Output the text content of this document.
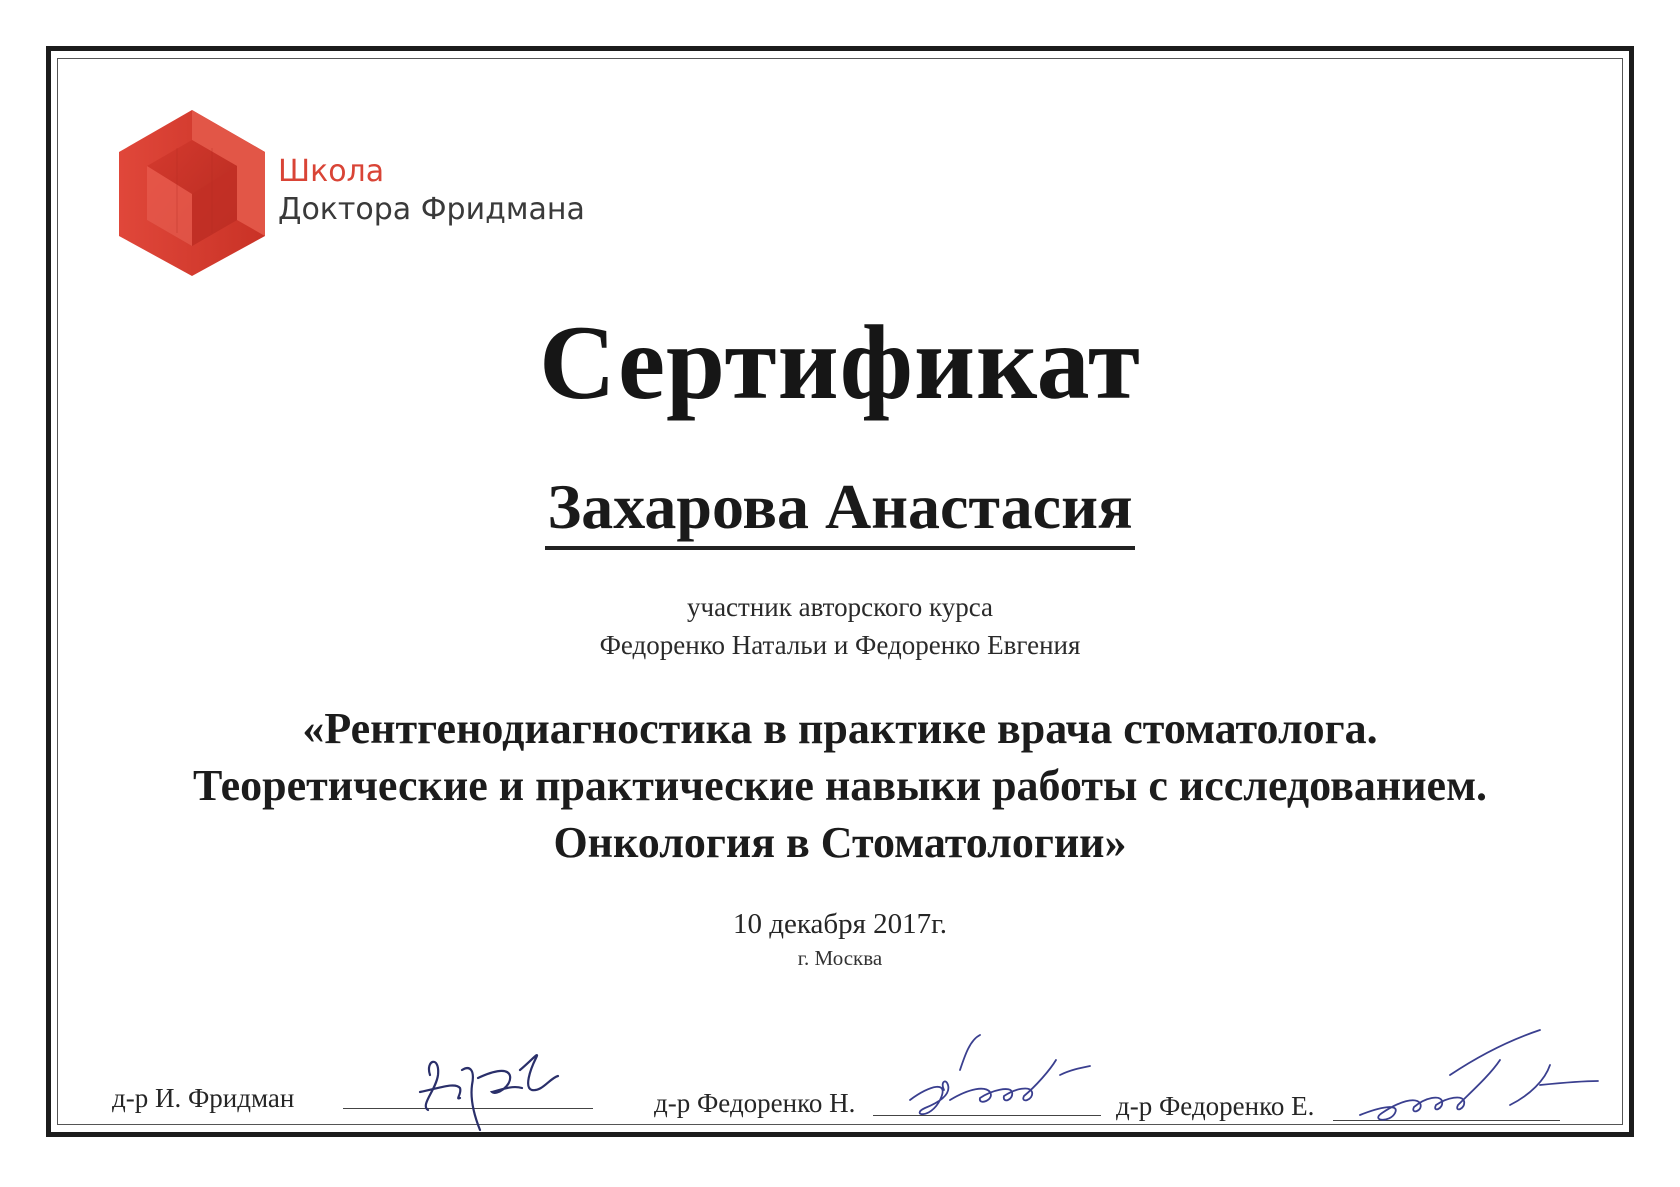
Школа
Доктора Фридмана
Сертификат
Захарова Анастасия
участник авторского курса
Федоренко Натальи и Федоренко Евгения
«Рентгенодиагностика в практике врача стоматолога.
Теоретические и практические навыки работы с исследованием.
Онкология в Стоматологии»
10 декабря 2017г.
г. Москва
д-р И. Фридман	д-р Федоренко Н.	д-р Федоренко Е.
